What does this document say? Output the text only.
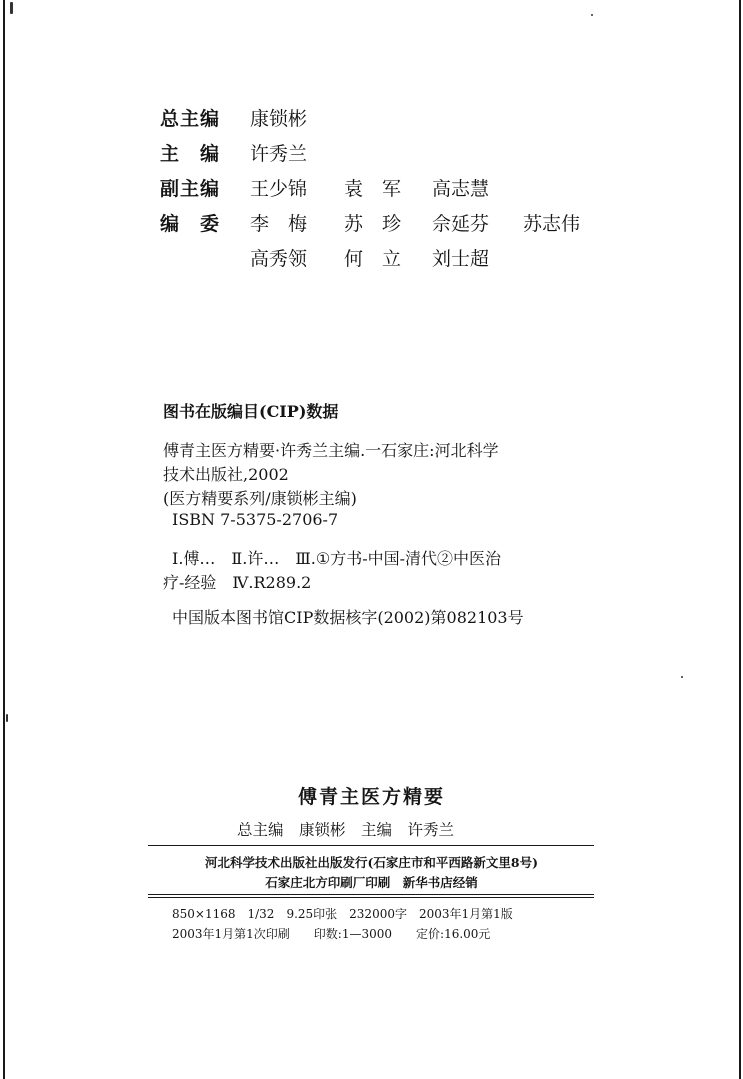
总主编 康锁彬
主　编 许秀兰
副主编 王少锦 袁　军 高志慧
编　委 李　梅 苏　珍 佘延芬 苏志伟
高秀领 何　立 刘士超
图书在版编目(CIP)数据
傅青主医方精要·许秀兰主编.一石家庄:河北科学
技术出版社,2002
(医方精要系列/康锁彬主编)
ISBN 7-5375-2706-7
Ⅰ.傅…　Ⅱ.许…　Ⅲ.①方书-中国-清代②中医治
疗-经验　Ⅳ.R289.2
中国版本图书馆CIP数据核字(2002)第082103号
傅青主医方精要
总主编　康锁彬　主编　许秀兰
河北科学技术出版社出版发行(石家庄市和平西路新文里8号)
石家庄北方印刷厂印刷　新华书店经销
850×1168　1/32　9.25印张　232000字　2003年1月第1版
2003年1月第1次印刷　　印数:1—3000　　定价:16.00元
